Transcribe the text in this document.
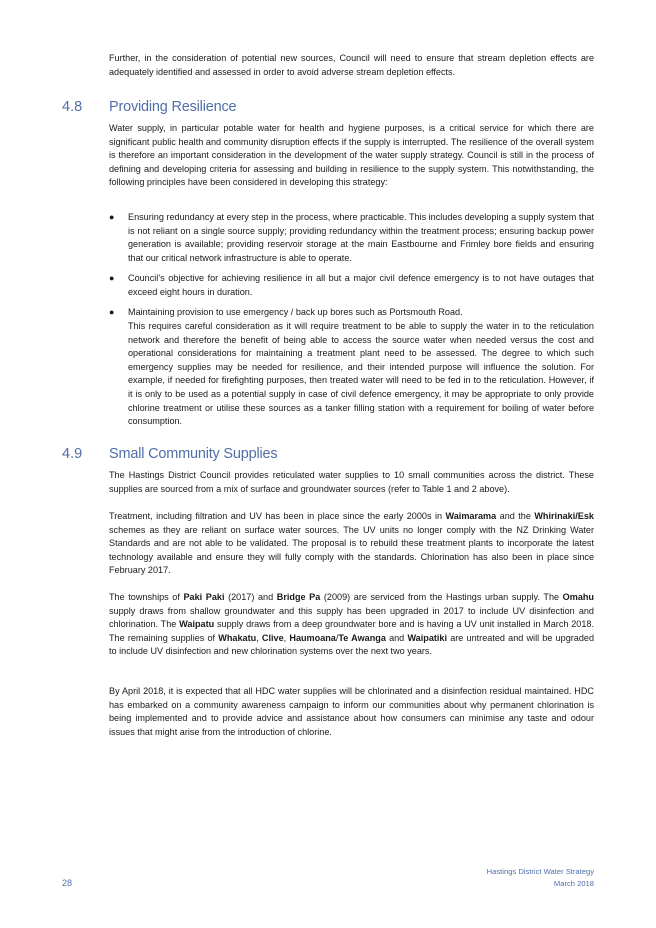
Further, in the consideration of potential new sources, Council will need to ensure that stream depletion effects are adequately identified and assessed in order to avoid adverse stream depletion effects.

4.8 Providing Resilience

Water supply, in particular potable water for health and hygiene purposes, is a critical service for which there are significant public health and community disruption effects if the supply is interrupted. The resilience of the overall system is therefore an important consideration in the development of the water supply strategy. Council is still in the process of defining and developing criteria for assessing and building in resilience to the supply system. This notwithstanding, the following principles have been considered in developing this strategy:

● Ensuring redundancy at every step in the process, where practicable. This includes developing a supply system that is not reliant on a single source supply; providing redundancy within the treatment process; ensuring backup power generation is available; providing reservoir storage at the main Eastbourne and Frimley bore fields and ensuring that our critical network infrastructure is able to operate.

● Council’s objective for achieving resilience in all but a major civil defence emergency is to not have outages that exceed eight hours in duration.

● Maintaining provision to use emergency / back up bores such as Portsmouth Road.

This requires careful consideration as it will require treatment to be able to supply the water in to the reticulation network and therefore the benefit of being able to access the source water when needed versus the cost and operational considerations for maintaining a treatment plant need to be assessed. The degree to which such emergency supplies may be needed for resilience, and their intended purpose will influence the solution. For example, if needed for firefighting purposes, then treated water will need to be fed in to the reticulation. However, if it is only to be used as a potential supply in case of civil defence emergency, it may be appropriate to only provide chlorine treatment or utilise these sources as a tanker filling station with a requirement for boiling of water before consumption.

4.9 Small Community Supplies

The Hastings District Council provides reticulated water supplies to 10 small communities across the district. These supplies are sourced from a mix of surface and groundwater sources (refer to Table 1 and 2 above).

Treatment, including filtration and UV has been in place since the early 2000s in Waimarama and the Whirinaki/Esk schemes as they are reliant on surface water sources. The UV units no longer comply with the NZ Drinking Water Standards and are not able to be validated. The proposal is to rebuild these treatment plants to incorporate the latest technology available and ensure they will fully comply with the standards. Chlorination has also been in place since February 2017.

The townships of Paki Paki (2017) and Bridge Pa (2009) are serviced from the Hastings urban supply. The Omahu supply draws from shallow groundwater and this supply has been upgraded in 2017 to include UV disinfection and chlorination. The Waipatu supply draws from a deep groundwater bore and is having a UV unit installed in March 2018. The remaining supplies of Whakatu, Clive, Haumoana/Te Awanga and Waipatiki are untreated and will be upgraded to include UV disinfection and new chlorination systems over the next two years.

By April 2018, it is expected that all HDC water supplies will be chlorinated and a disinfection residual maintained. HDC has embarked on a community awareness campaign to inform our communities about why permanent chlorination is being implemented and to provide advice and assistance about how consumers can minimise any taste and odour issues that might arise from the introduction of chlorine.

Hastings District Water Strategy
March 2018
28
